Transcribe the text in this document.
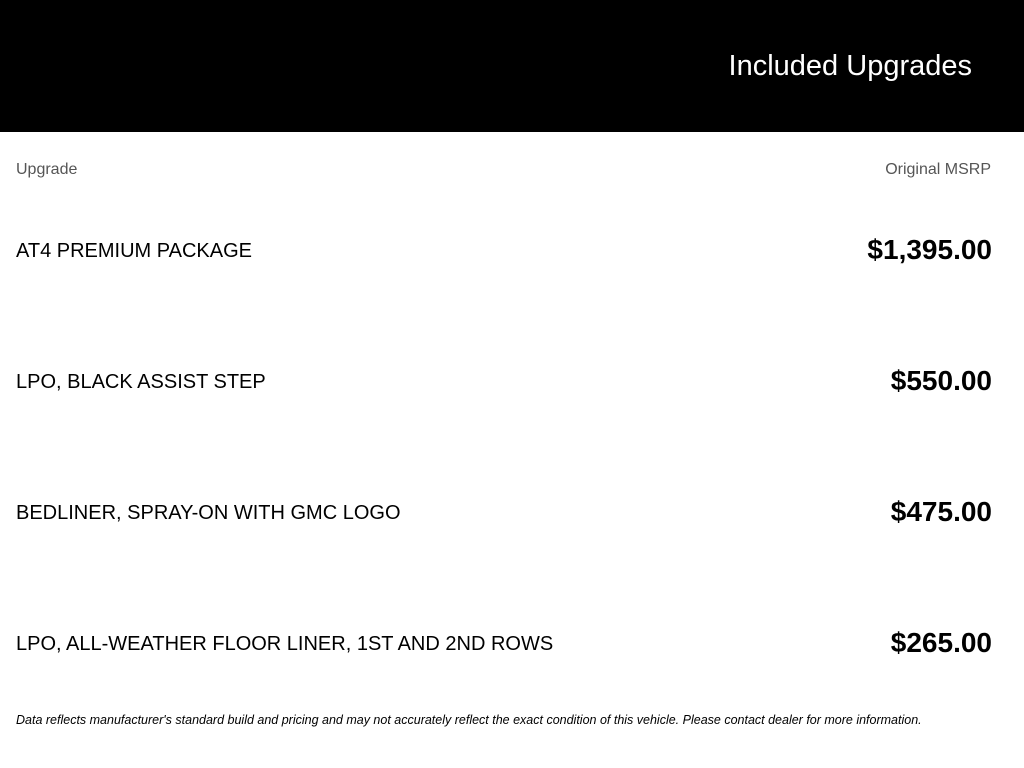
Included Upgrades
Upgrade	Original MSRP
AT4 PREMIUM PACKAGE	$1,395.00
LPO, BLACK ASSIST STEP	$550.00
BEDLINER, SPRAY-ON WITH GMC LOGO	$475.00
LPO, ALL-WEATHER FLOOR LINER, 1ST AND 2ND ROWS	$265.00
Data reflects manufacturer's standard build and pricing and may not accurately reflect the exact condition of this vehicle. Please contact dealer for more information.
